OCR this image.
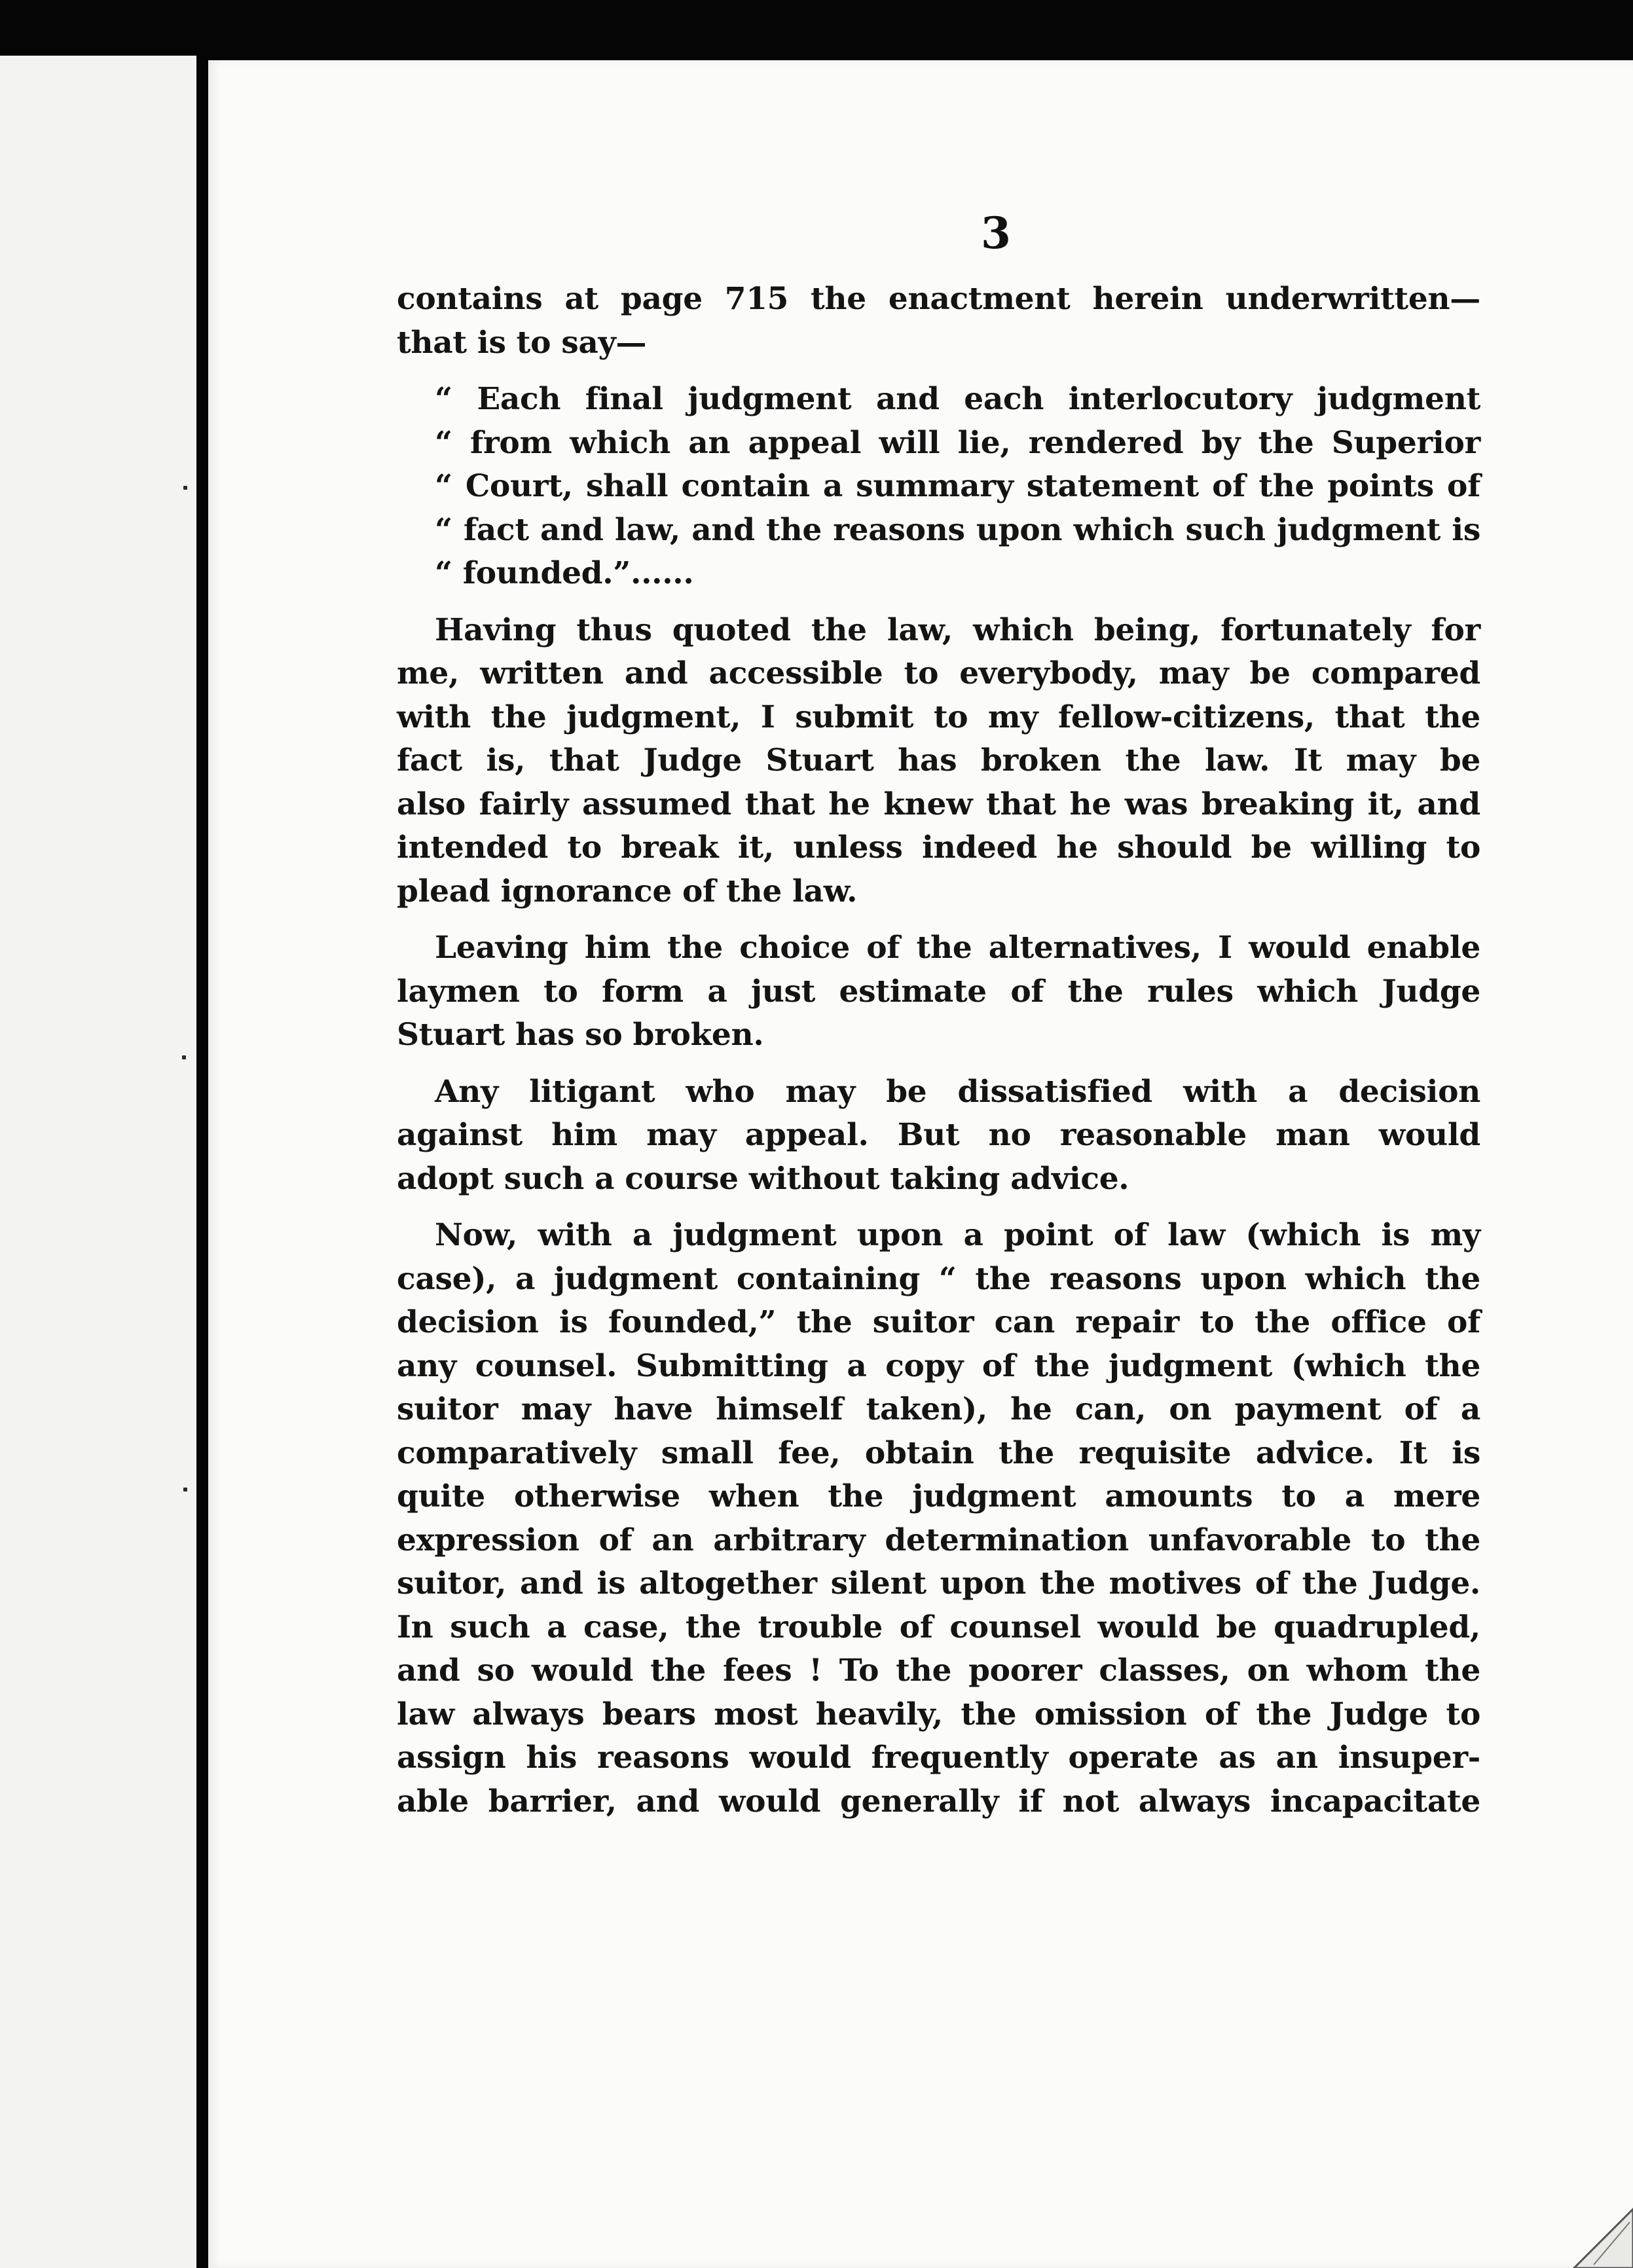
3
contains at page 715 the enactment herein underwritten—
that is to say—
“ Each final judgment and each interlocutory judgment
“ from which an appeal will lie, rendered by the Superior
“ Court, shall contain a summary statement of the points of
“ fact and law, and the reasons upon which such judgment is
“ founded.”......
Having thus quoted the law, which being, fortunately for
me, written and accessible to everybody, may be compared
with the judgment, I submit to my fellow-citizens, that the
fact is, that Judge Stuart has broken the law. It may be
also fairly assumed that he knew that he was breaking it, and
intended to break it, unless indeed he should be willing to
plead ignorance of the law.
Leaving him the choice of the alternatives, I would enable
laymen to form a just estimate of the rules which Judge
Stuart has so broken.
Any litigant who may be dissatisfied with a decision
against him may appeal. But no reasonable man would
adopt such a course without taking advice.
Now, with a judgment upon a point of law (which is my
case), a judgment containing “ the reasons upon which the
decision is founded,” the suitor can repair to the office of
any counsel. Submitting a copy of the judgment (which the
suitor may have himself taken), he can, on payment of a
comparatively small fee, obtain the requisite advice. It is
quite otherwise when the judgment amounts to a mere
expression of an arbitrary determination unfavorable to the
suitor, and is altogether silent upon the motives of the Judge.
In such a case, the trouble of counsel would be quadrupled,
and so would the fees ! To the poorer classes, on whom the
law always bears most heavily, the omission of the Judge to
assign his reasons would frequently operate as an insuper-
able barrier, and would generally if not always incapacitate
